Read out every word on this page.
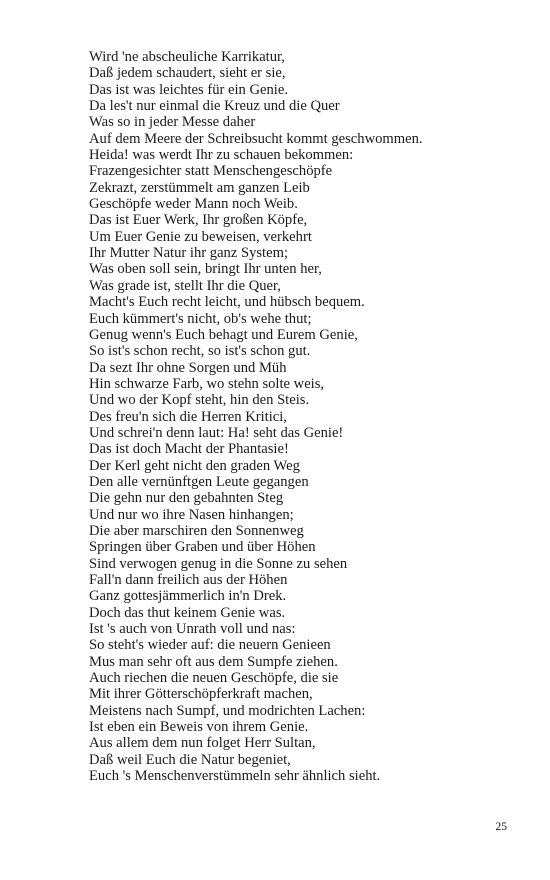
Wird 'ne abscheuliche Karrikatur,
Daß jedem schaudert, sieht er sie,
Das ist was leichtes für ein Genie.
Da les't nur einmal die Kreuz und die Quer
Was so in jeder Messe daher
Auf dem Meere der Schreibsucht kommt geschwommen.
Heida! was werdt Ihr zu schauen bekommen:
Frazengesichter statt Menschengeschöpfe
Zekrazt, zerstümmelt am ganzen Leib
Geschöpfe weder Mann noch Weib.
Das ist Euer Werk, Ihr großen Köpfe,
Um Euer Genie zu beweisen, verkehrt
Ihr Mutter Natur ihr ganz System;
Was oben soll sein, bringt Ihr unten her,
Was grade ist, stellt Ihr die Quer,
Macht's Euch recht leicht, und hübsch bequem.
Euch kümmert's nicht, ob's wehe thut;
Genug wenn's Euch behagt und Eurem Genie,
So ist's schon recht, so ist's schon gut.
Da sezt Ihr ohne Sorgen und Müh
Hin schwarze Farb, wo stehn solte weis,
Und wo der Kopf steht, hin den Steis.
Des freu'n sich die Herren Kritici,
Und schrei'n denn laut: Ha! seht das Genie!
Das ist doch Macht der Phantasie!
Der Kerl geht nicht den graden Weg
Den alle vernünftgen Leute gegangen
Die gehn nur den gebahnten Steg
Und nur wo ihre Nasen hinhangen;
Die aber marschiren den Sonnenweg
Springen über Graben und über Höhen
Sind verwogen genug in die Sonne zu sehen
Fall'n dann freilich aus der Höhen
Ganz gottesjämmerlich in'n Drek.
Doch das thut keinem Genie was.
Ist 's auch von Unrath voll und nas:
So steht's wieder auf: die neuern Genieen
Mus man sehr oft aus dem Sumpfe ziehen.
Auch riechen die neuen Geschöpfe, die sie
Mit ihrer Götterschöpferkraft machen,
Meistens nach Sumpf, und modrichten Lachen:
Ist eben ein Beweis von ihrem Genie.
Aus allem dem nun folget Herr Sultan,
Daß weil Euch die Natur begeniet,
Euch 's Menschenverstümmeln sehr ähnlich sieht.
25
